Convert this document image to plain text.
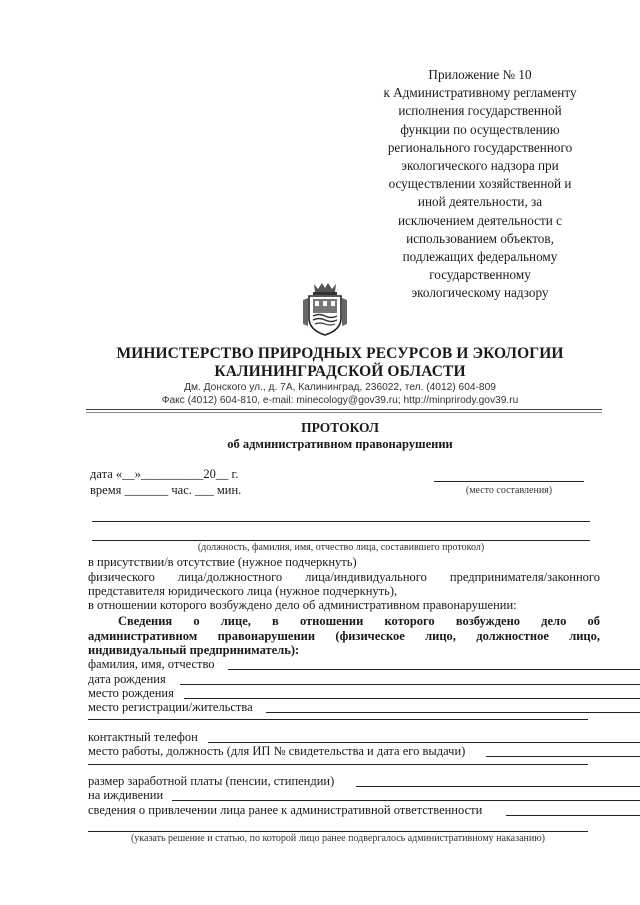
Приложение № 10
к Административному регламенту
исполнения государственной
функции по осуществлению
регионального государственного
экологического надзора при
осуществлении хозяйственной и
иной деятельности, за
исключением деятельности с
использованием объектов,
подлежащих федеральному
государственному
экологическому надзору
МИНИСТЕРСТВО ПРИРОДНЫХ РЕСУРСОВ И ЭКОЛОГИИ
КАЛИНИНГРАДСКОЙ ОБЛАСТИ
Дм. Донского ул., д. 7А, Калининград, 236022, тел. (4012) 604-809
Факс (4012) 604-810, e-mail: minecology@gov39.ru; http://minprirody.gov39.ru
ПРОТОКОЛ
об административном правонарушении
дата «__»__________20__ г.
время _______ час. ___ мин.	(место составления)
(должность, фамилия, имя, отчество лица, составившего протокол)
в присутствии/в отсутствие (нужное подчеркнуть)
физического лица/должностного лица/индивидуального предпринимателя/законного
представителя юридического лица (нужное подчеркнуть),
в отношении которого возбуждено дело об административном правонарушении:
Сведения о лице, в отношении которого возбуждено дело об
административном правонарушении (физическое лицо, должностное лицо,
индивидуальный предприниматель):
фамилия, имя, отчество
дата рождения
место рождения
место регистрации/жительства
контактный телефон
место работы, должность (для ИП № свидетельства и дата его выдачи)
размер заработной платы (пенсии, стипендии)
на иждивении
сведения о привлечении лица ранее к административной ответственности
(указать решение и статью, по которой лицо ранее подвергалось административному наказанию)
